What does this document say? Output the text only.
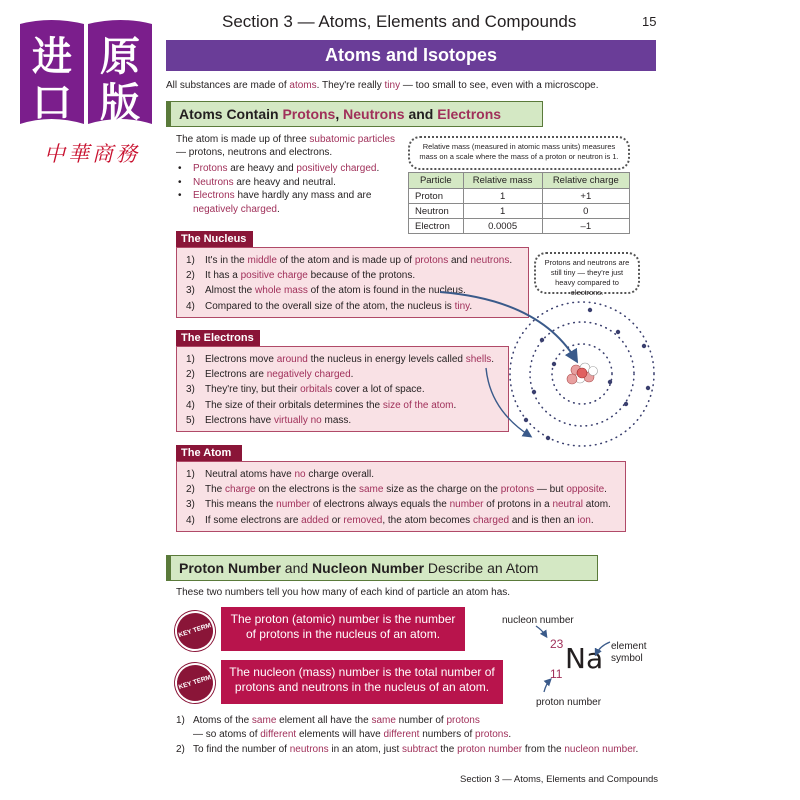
进 原
口 版
中華商務
Section 3 — Atoms, Elements and Compounds	15
Atoms and Isotopes
All substances are made of atoms. They're really tiny — too small to see, even with a microscope.
Atoms Contain Protons, Neutrons and Electrons
The atom is made up of three subatomic particles — protons, neutrons and electrons.
• Protons are heavy and positively charged.
• Neutrons are heavy and neutral.
• Electrons have hardly any mass and are negatively charged.
Relative mass (measured in atomic mass units) measures mass on a scale where the mass of a proton or neutron is 1.
Particle	Relative mass	Relative charge
Proton	1	+1
Neutron	1	0
Electron	0.0005	–1
The Nucleus
1) It's in the middle of the atom and is made up of protons and neutrons.
2) It has a positive charge because of the protons.
3) Almost the whole mass of the atom is found in the nucleus.
4) Compared to the overall size of the atom, the nucleus is tiny.
Protons and neutrons are still tiny — they're just heavy compared to electrons.
The Electrons
1) Electrons move around the nucleus in energy levels called shells.
2) Electrons are negatively charged.
3) They're tiny, but their orbitals cover a lot of space.
4) The size of their orbitals determines the size of the atom.
5) Electrons have virtually no mass.
The Atom
1) Neutral atoms have no charge overall.
2) The charge on the electrons is the same size as the charge on the protons — but opposite.
3) This means the number of electrons always equals the number of protons in a neutral atom.
4) If some electrons are added or removed, the atom becomes charged and is then an ion.
Proton Number and Nucleon Number Describe an Atom
These two numbers tell you how many of each kind of particle an atom has.
KEY TERM
The proton (atomic) number is the number of protons in the nucleus of an atom.
KEY TERM
The nucleon (mass) number is the total number of protons and neutrons in the nucleus of an atom.
nucleon number
23 Na
11
element
symbol
proton number
1) Atoms of the same element all have the same number of protons
— so atoms of different elements will have different numbers of protons.
2) To find the number of neutrons in an atom, just subtract the proton number from the nucleon number.
Section 3 — Atoms, Elements and Compounds
